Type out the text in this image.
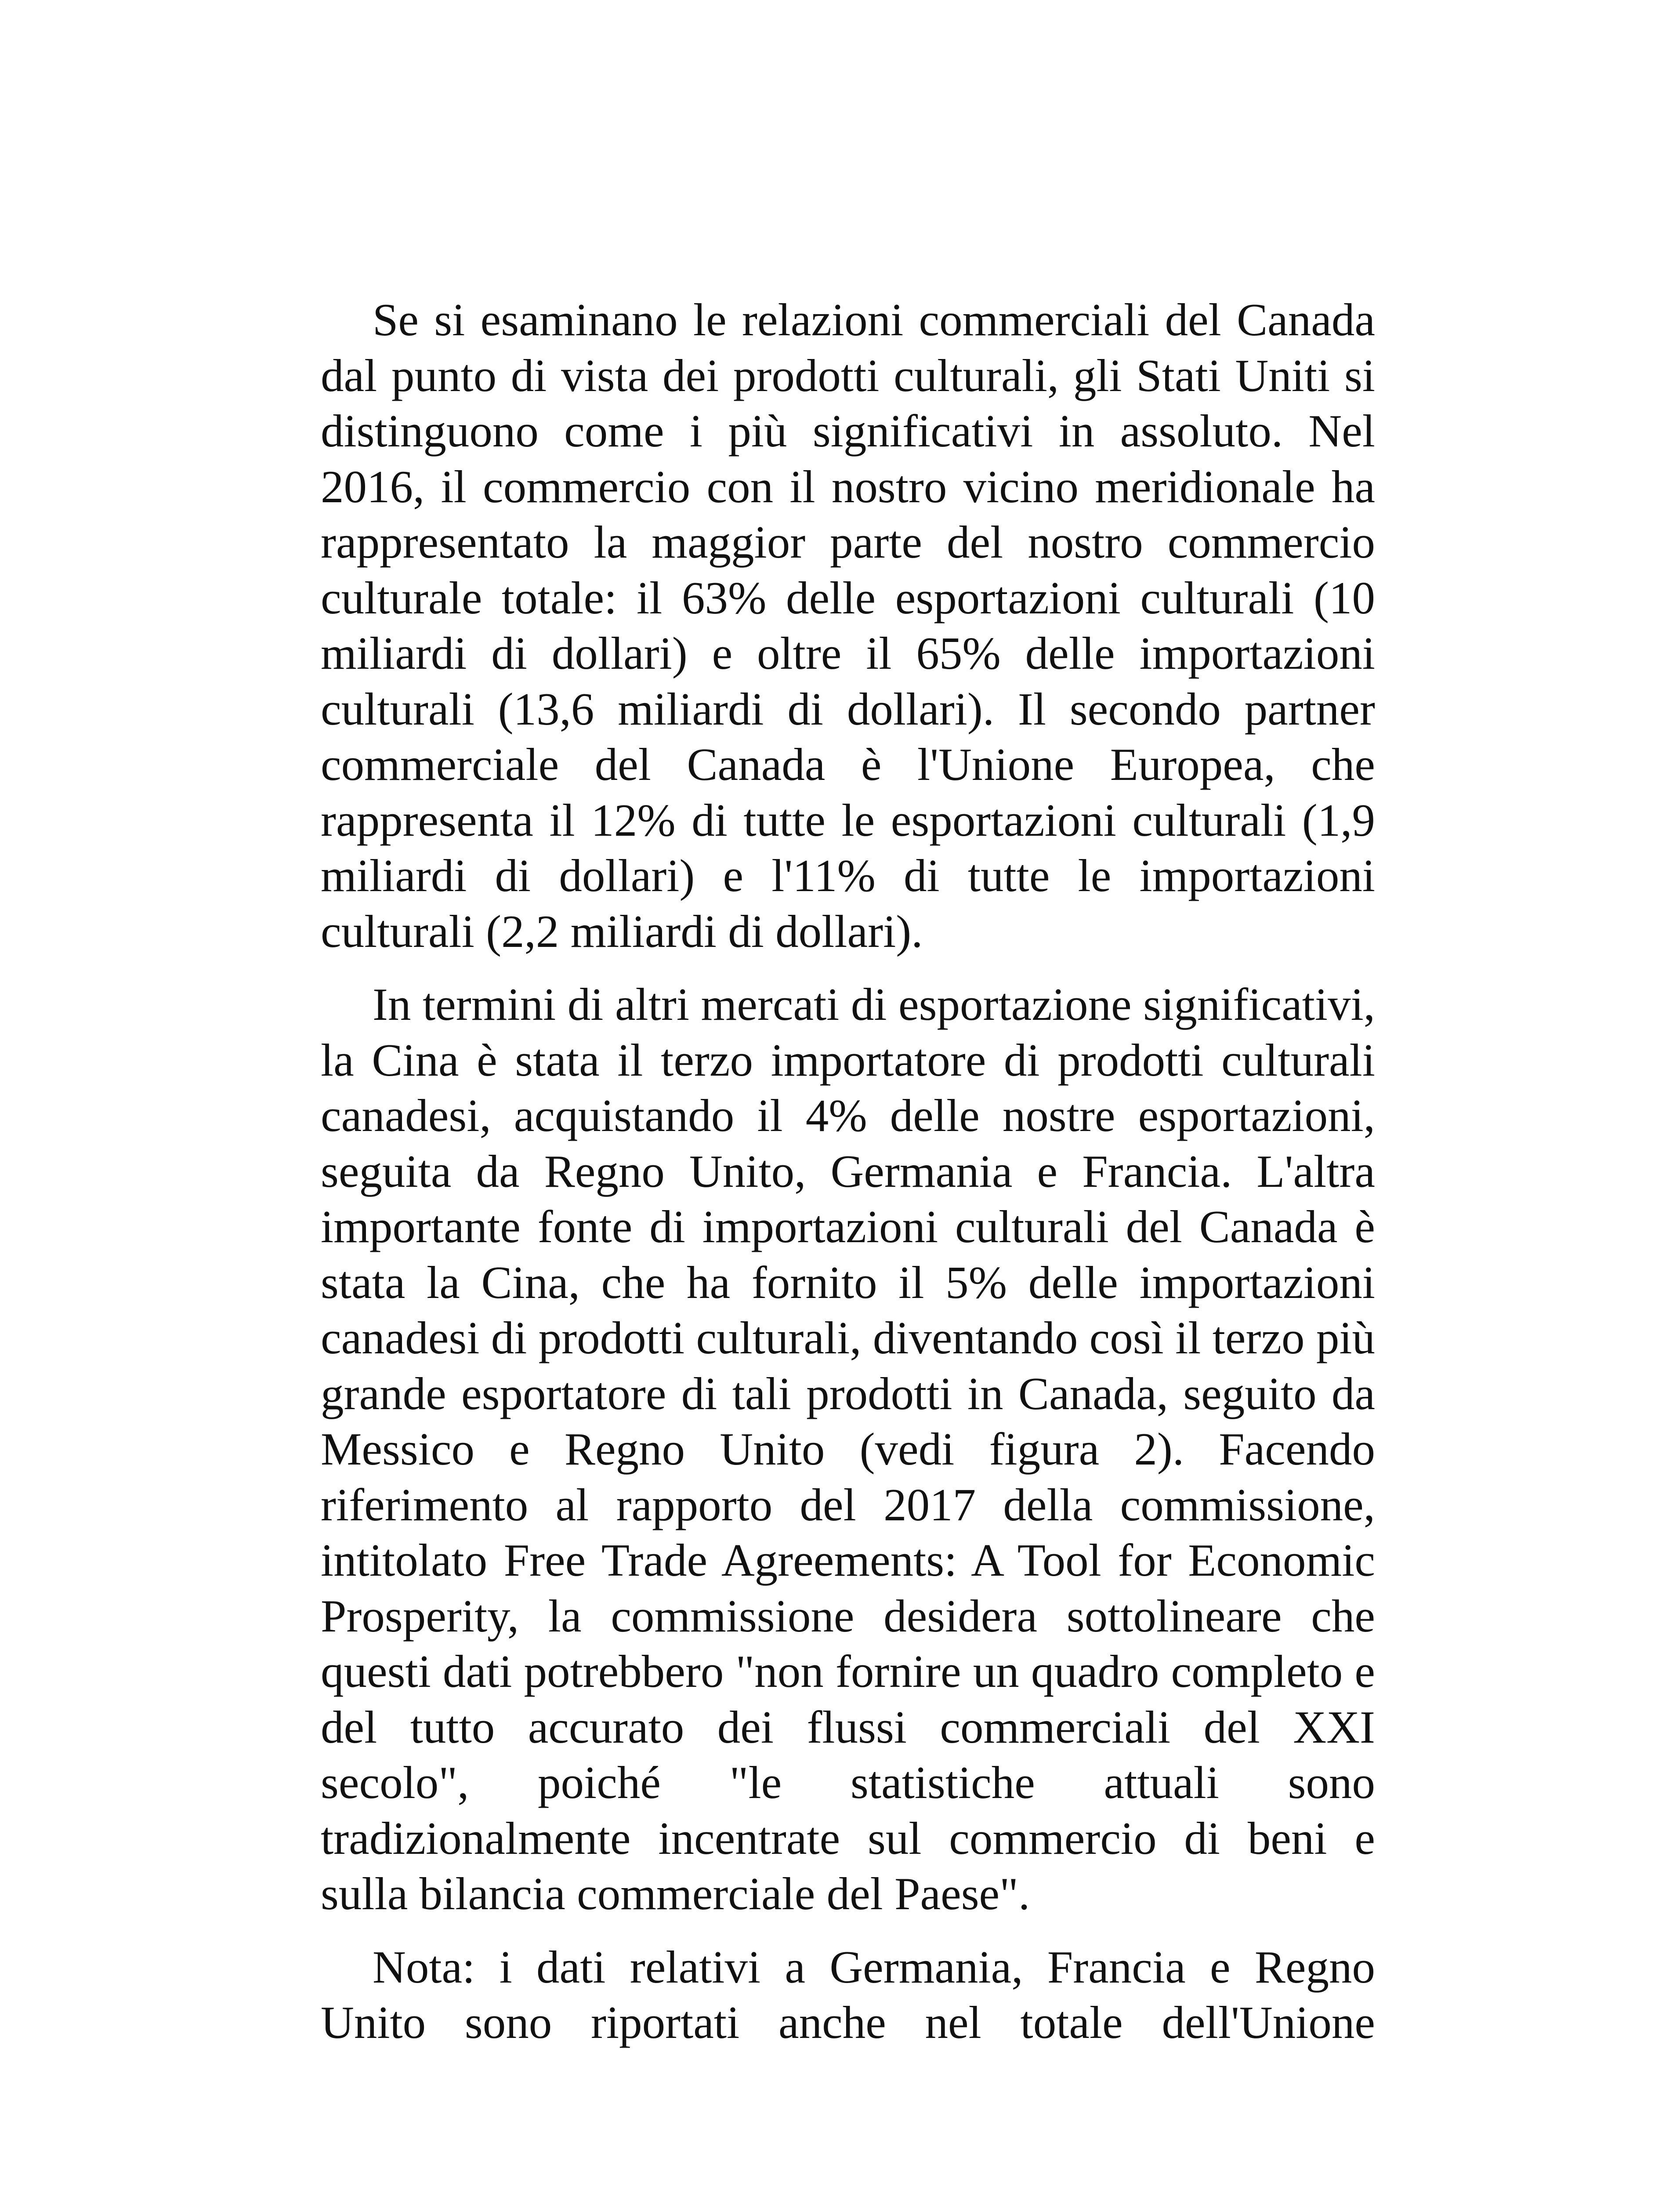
Se si esaminano le relazioni commerciali del Canada dal punto di vista dei prodotti culturali, gli Stati Uniti si distinguono come i più significativi in assoluto. Nel 2016, il commercio con il nostro vicino meridionale ha rappresentato la maggior parte del nostro commercio culturale totale: il 63% delle esportazioni culturali (10 miliardi di dollari) e oltre il 65% delle importazioni culturali (13,6 miliardi di dollari). Il secondo partner commerciale del Canada è l'Unione Europea, che rappresenta il 12% di tutte le esportazioni culturali (1,9 miliardi di dollari) e l'11% di tutte le importazioni culturali (2,2 miliardi di dollari).

In termini di altri mercati di esportazione significativi, la Cina è stata il terzo importatore di prodotti culturali canadesi, acquistando il 4% delle nostre esportazioni, seguita da Regno Unito, Germania e Francia. L'altra importante fonte di importazioni culturali del Canada è stata la Cina, che ha fornito il 5% delle importazioni canadesi di prodotti culturali, diventando così il terzo più grande esportatore di tali prodotti in Canada, seguito da Messico e Regno Unito (vedi figura 2). Facendo riferimento al rapporto del 2017 della commissione, intitolato Free Trade Agreements: A Tool for Economic Prosperity, la commissione desidera sottolineare che questi dati potrebbero "non fornire un quadro completo e del tutto accurato dei flussi commerciali del XXI secolo", poiché "le statistiche attuali sono tradizionalmente incentrate sul commercio di beni e sulla bilancia commerciale del Paese".

Nota: i dati relativi a Germania, Francia e Regno Unito sono riportati anche nel totale dell'Unione
